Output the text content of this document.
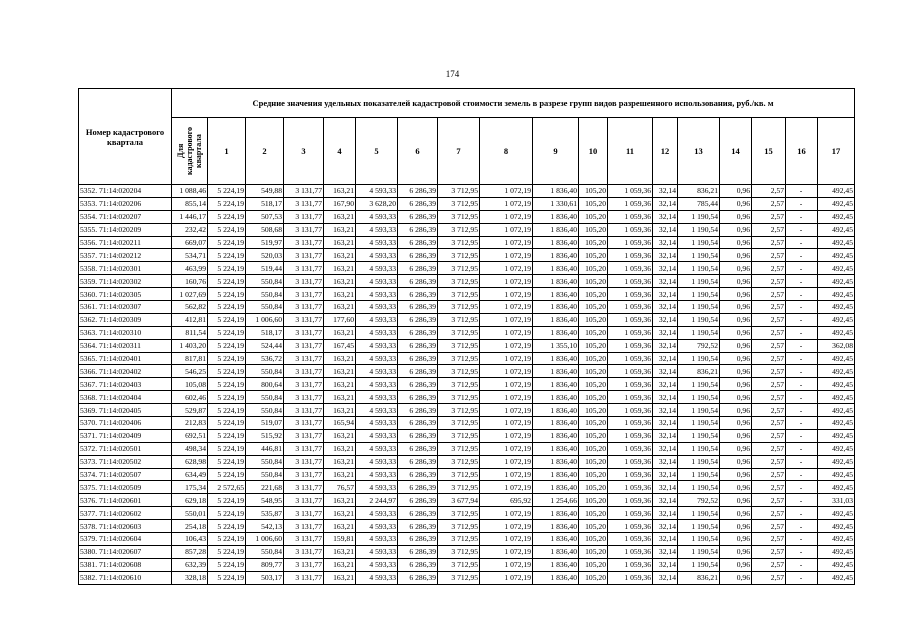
174
Номер кадастрового квартала	Средние значения удельных показателей кадастровой стоимости земель в разрезе групп видов разрешенного использования, руб./кв. м																	

	Для кадастрового квартала	1	2	3	4	5	6	7	8	9	10	11	12	13	14	15	16	17
5352. 71:14:020204	1 088,46	5 224,19	549,88	3 131,77	163,21	4 593,33	6 286,39	3 712,95	1 072,19	1 836,40	105,20	1 059,36	32,14	836,21	0,96	2,57	-	492,45
5353. 71:14:020206	855,14	5 224,19	518,17	3 131,77	167,90	3 628,20	6 286,39	3 712,95	1 072,19	1 330,61	105,20	1 059,36	32,14	785,44	0,96	2,57	-	492,45
5354. 71:14:020207	1 446,17	5 224,19	507,53	3 131,77	163,21	4 593,33	6 286,39	3 712,95	1 072,19	1 836,40	105,20	1 059,36	32,14	1 190,54	0,96	2,57	-	492,45
5355. 71:14:020209	232,42	5 224,19	508,68	3 131,77	163,21	4 593,33	6 286,39	3 712,95	1 072,19	1 836,40	105,20	1 059,36	32,14	1 190,54	0,96	2,57	-	492,45
5356. 71:14:020211	669,07	5 224,19	519,97	3 131,77	163,21	4 593,33	6 286,39	3 712,95	1 072,19	1 836,40	105,20	1 059,36	32,14	1 190,54	0,96	2,57	-	492,45
5357. 71:14:020212	534,71	5 224,19	520,03	3 131,77	163,21	4 593,33	6 286,39	3 712,95	1 072,19	1 836,40	105,20	1 059,36	32,14	1 190,54	0,96	2,57	-	492,45
5358. 71:14:020301	463,99	5 224,19	519,44	3 131,77	163,21	4 593,33	6 286,39	3 712,95	1 072,19	1 836,40	105,20	1 059,36	32,14	1 190,54	0,96	2,57	-	492,45
5359. 71:14:020302	160,76	5 224,19	550,84	3 131,77	163,21	4 593,33	6 286,39	3 712,95	1 072,19	1 836,40	105,20	1 059,36	32,14	1 190,54	0,96	2,57	-	492,45
5360. 71:14:020305	1 027,69	5 224,19	550,84	3 131,77	163,21	4 593,33	6 286,39	3 712,95	1 072,19	1 836,40	105,20	1 059,36	32,14	1 190,54	0,96	2,57	-	492,45
5361. 71:14:020307	562,82	5 224,19	550,84	3 131,77	163,21	4 593,33	6 286,39	3 712,95	1 072,19	1 836,40	105,20	1 059,36	32,14	1 190,54	0,96	2,57	-	492,45
5362. 71:14:020309	412,81	5 224,19	1 006,60	3 131,77	177,60	4 593,33	6 286,39	3 712,95	1 072,19	1 836,40	105,20	1 059,36	32,14	1 190,54	0,96	2,57	-	492,45
5363. 71:14:020310	811,54	5 224,19	518,17	3 131,77	163,21	4 593,33	6 286,39	3 712,95	1 072,19	1 836,40	105,20	1 059,36	32,14	1 190,54	0,96	2,57	-	492,45
5364. 71:14:020311	1 403,20	5 224,19	524,44	3 131,77	167,45	4 593,33	6 286,39	3 712,95	1 072,19	1 355,10	105,20	1 059,36	32,14	792,52	0,96	2,57	-	362,08
5365. 71:14:020401	817,81	5 224,19	536,72	3 131,77	163,21	4 593,33	6 286,39	3 712,95	1 072,19	1 836,40	105,20	1 059,36	32,14	1 190,54	0,96	2,57	-	492,45
5366. 71:14:020402	546,25	5 224,19	550,84	3 131,77	163,21	4 593,33	6 286,39	3 712,95	1 072,19	1 836,40	105,20	1 059,36	32,14	836,21	0,96	2,57	-	492,45
5367. 71:14:020403	105,08	5 224,19	800,64	3 131,77	163,21	4 593,33	6 286,39	3 712,95	1 072,19	1 836,40	105,20	1 059,36	32,14	1 190,54	0,96	2,57	-	492,45
5368. 71:14:020404	602,46	5 224,19	550,84	3 131,77	163,21	4 593,33	6 286,39	3 712,95	1 072,19	1 836,40	105,20	1 059,36	32,14	1 190,54	0,96	2,57	-	492,45
5369. 71:14:020405	529,87	5 224,19	550,84	3 131,77	163,21	4 593,33	6 286,39	3 712,95	1 072,19	1 836,40	105,20	1 059,36	32,14	1 190,54	0,96	2,57	-	492,45
5370. 71:14:020406	212,83	5 224,19	519,07	3 131,77	165,94	4 593,33	6 286,39	3 712,95	1 072,19	1 836,40	105,20	1 059,36	32,14	1 190,54	0,96	2,57	-	492,45
5371. 71:14:020409	692,51	5 224,19	515,92	3 131,77	163,21	4 593,33	6 286,39	3 712,95	1 072,19	1 836,40	105,20	1 059,36	32,14	1 190,54	0,96	2,57	-	492,45
5372. 71:14:020501	498,34	5 224,19	446,81	3 131,77	163,21	4 593,33	6 286,39	3 712,95	1 072,19	1 836,40	105,20	1 059,36	32,14	1 190,54	0,96	2,57	-	492,45
5373. 71:14:020502	628,98	5 224,19	550,84	3 131,77	163,21	4 593,33	6 286,39	3 712,95	1 072,19	1 836,40	105,20	1 059,36	32,14	1 190,54	0,96	2,57	-	492,45
5374. 71:14:020507	634,49	5 224,19	550,84	3 131,77	163,21	4 593,33	6 286,39	3 712,95	1 072,19	1 836,40	105,20	1 059,36	32,14	1 190,54	0,96	2,57	-	492,45
5375. 71:14:020509	175,34	2 572,65	221,68	3 131,77	76,57	4 593,33	6 286,39	3 712,95	1 072,19	1 836,40	105,20	1 059,36	32,14	1 190,54	0,96	2,57	-	492,45
5376. 71:14:020601	629,18	5 224,19	548,95	3 131,77	163,21	2 244,97	6 286,39	3 677,94	695,92	1 254,66	105,20	1 059,36	32,14	792,52	0,96	2,57	-	331,03
5377. 71:14:020602	550,01	5 224,19	535,87	3 131,77	163,21	4 593,33	6 286,39	3 712,95	1 072,19	1 836,40	105,20	1 059,36	32,14	1 190,54	0,96	2,57	-	492,45
5378. 71:14:020603	254,18	5 224,19	542,13	3 131,77	163,21	4 593,33	6 286,39	3 712,95	1 072,19	1 836,40	105,20	1 059,36	32,14	1 190,54	0,96	2,57	-	492,45
5379. 71:14:020604	106,43	5 224,19	1 006,60	3 131,77	159,81	4 593,33	6 286,39	3 712,95	1 072,19	1 836,40	105,20	1 059,36	32,14	1 190,54	0,96	2,57	-	492,45
5380. 71:14:020607	857,28	5 224,19	550,84	3 131,77	163,21	4 593,33	6 286,39	3 712,95	1 072,19	1 836,40	105,20	1 059,36	32,14	1 190,54	0,96	2,57	-	492,45
5381. 71:14:020608	632,39	5 224,19	809,77	3 131,77	163,21	4 593,33	6 286,39	3 712,95	1 072,19	1 836,40	105,20	1 059,36	32,14	1 190,54	0,96	2,57	-	492,45
5382. 71:14:020610	328,18	5 224,19	503,17	3 131,77	163,21	4 593,33	6 286,39	3 712,95	1 072,19	1 836,40	105,20	1 059,36	32,14	836,21	0,96	2,57	-	492,45
